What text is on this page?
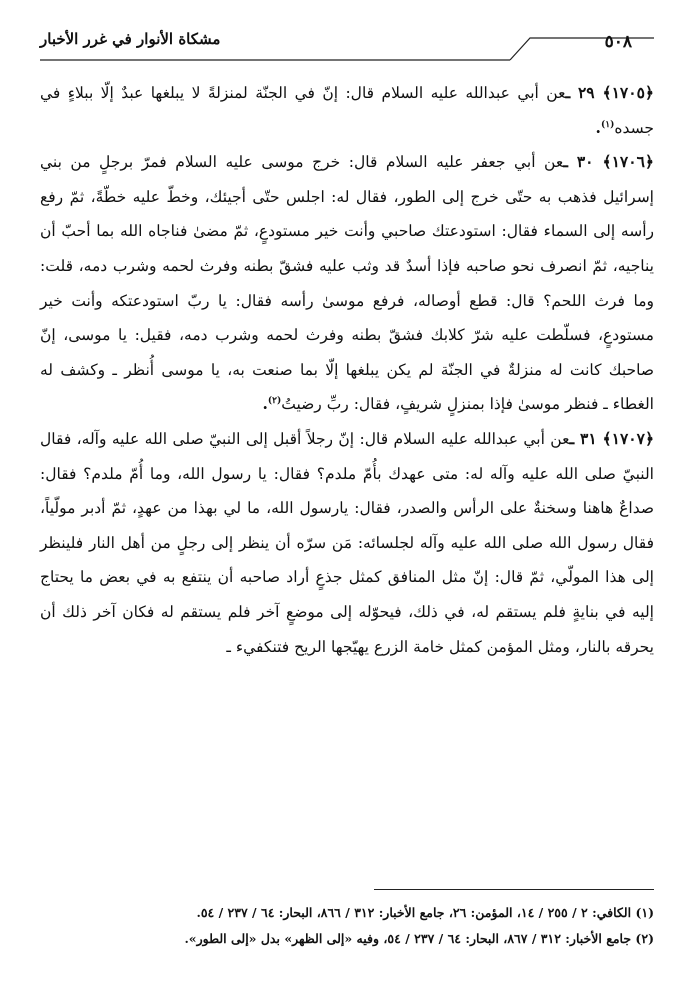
مشكاة الأنوار في غرر الأخبار	٥٠٨

﴿١٧٠٥﴾ ٢٩ ـعن أبي عبدالله عليه السلام قال: إنّ في الجنّة لمنزلةً لا يبلغها عبدٌ إلّا ببلاءٍ في جسده$^{(١)}$.

﴿١٧٠٦﴾ ٣٠ ـعن أبي جعفر عليه السلام قال: خرج موسى عليه السلام فمرّ برجلٍ من بني إسرائيل فذهب به حتّى خرج إلى الطور، فقال له: اجلس حتّى أجيئك، وخطّ عليه خطّةً، ثمّ رفع رأسه إلى السماء فقال: استودعتك صاحبي وأنت خير مستودعٍ، ثمّ مضىٰ فناجاه الله بما أحبّ أن يناجيه، ثمّ انصرف نحو صاحبه فإذا أسدٌ قد وثب عليه فشقّ بطنه وفرث لحمه وشرب دمه، قلت: وما فرث اللحم؟ قال: قطع أوصاله، فرفع موسىٰ رأسه فقال: يا ربّ استودعتكه وأنت خير مستودعٍ، فسلّطت عليه شرّ كلابك فشقّ بطنه وفرث لحمه وشرب دمه، فقيل: يا موسى، إنّ صاحبك كانت له منزلةٌ في الجنّة لم يكن يبلغها إلّا بما صنعت به، يا موسى أُنظر ـ وكشف له الغطاء ـ فنظر موسىٰ فإذا بمنزلٍ شريفٍ، فقال: ربِّ رضيتُ$^{(٢)}$.

﴿١٧٠٧﴾ ٣١ ـعن أبي عبدالله عليه السلام قال: إنّ رجلاً أقبل إلى النبيّ صلى الله عليه وآله، فقال النبيّ صلى الله عليه وآله له: متى عهدك بأُمّ ملدم؟ فقال: يا رسول الله، وما أُمّ ملدم؟ فقال: صداعٌ هاهنا وسخنةٌ على الرأس والصدر، فقال: يارسول الله، ما لي بهذا من عهدٍ، ثمّ أدبر مولّياً، فقال رسول الله صلى الله عليه وآله لجلسائه: مَن سرّه أن ينظر إلى رجلٍ من أهل النار فلينظر إلى هذا المولّي، ثمّ قال: إنّ مثل المنافق كمثل جذعٍ أراد صاحبه أن ينتفع به في بعض ما يحتاج إليه في بنايةٍ فلم يستقم له، في ذلك، فيحوّله إلى موضعٍ آخر فلم يستقم له فكان آخر ذلك أن يحرقه بالنار، ومثل المؤمن كمثل خامة الزرع يهيّجها الريح فتنكفيء ـ

(١) الكافي: ٢ / ٢٥٥ / ١٤، المؤمن: ٢٦، جامع الأخبار: ٣١٢ / ٨٦٦، البحار: ٦٤ / ٢٣٧ / ٥٤.

(٢) جامع الأخبار: ٣١٢ / ٨٦٧، البحار: ٦٤ / ٢٣٧ / ٥٤، وفيه «إلى الظهر» بدل «إلى الطور».
